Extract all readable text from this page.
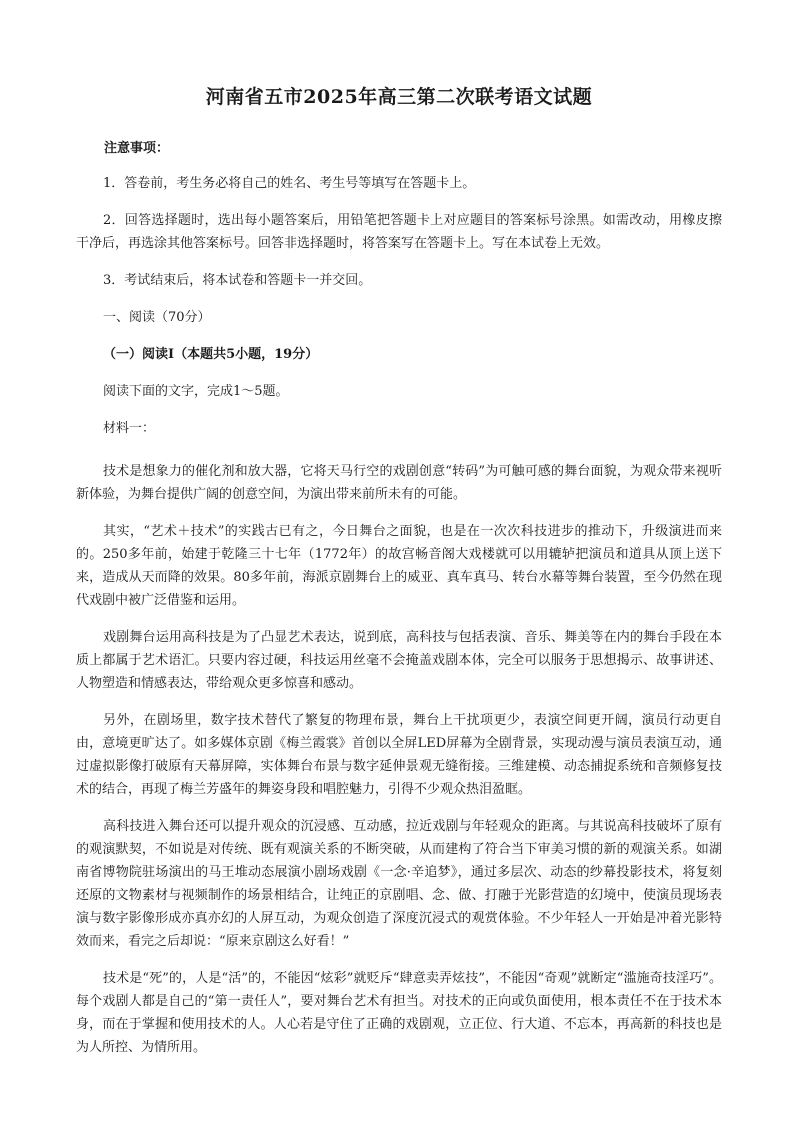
河南省五市2025年高三第二次联考语文试题
注意事项：
1．答卷前，考生务必将自己的姓名、考生号等填写在答题卡上。
2．回答选择题时，选出每小题答案后，用铅笔把答题卡上对应题目的答案标号涂黑。如需改动，用橡皮擦干净后，再选涂其他答案标号。回答非选择题时，将答案写在答题卡上。写在本试卷上无效。
3．考试结束后，将本试卷和答题卡一并交回。
一、阅读（70分）
（一）阅读Ⅰ（本题共5小题，19分）
阅读下面的文字，完成1～5题。
材料一：
技术是想象力的催化剂和放大器，它将天马行空的戏剧创意“转码”为可触可感的舞台面貌，为观众带来视听新体验，为舞台提供广阔的创意空间，为演出带来前所未有的可能。
其实，“艺术＋技术”的实践古已有之，今日舞台之面貌，也是在一次次科技进步的推动下，升级演进而来的。250多年前，始建于乾隆三十七年（1772年）的故宫畅音阁大戏楼就可以用辘轳把演员和道具从顶上送下来，造成从天而降的效果。80多年前，海派京剧舞台上的威亚、真车真马、转台水幕等舞台装置，至今仍然在现代戏剧中被广泛借鉴和运用。
戏剧舞台运用高科技是为了凸显艺术表达，说到底，高科技与包括表演、音乐、舞美等在内的舞台手段在本质上都属于艺术语汇。只要内容过硬，科技运用丝毫不会掩盖戏剧本体，完全可以服务于思想揭示、故事讲述、人物塑造和情感表达，带给观众更多惊喜和感动。
另外，在剧场里，数字技术替代了繁复的物理布景，舞台上干扰项更少，表演空间更开阔，演员行动更自由，意境更旷达了。如多媒体京剧《梅兰霞裳》首创以全屏LED屏幕为全剧背景，实现动漫与演员表演互动，通过虚拟影像打破原有天幕屏障，实体舞台布景与数字延伸景观无缝衔接。三维建模、动态捕捉系统和音频修复技术的结合，再现了梅兰芳盛年的舞姿身段和唱腔魅力，引得不少观众热泪盈眶。
高科技进入舞台还可以提升观众的沉浸感、互动感，拉近戏剧与年轻观众的距离。与其说高科技破坏了原有的观演默契，不如说是对传统、既有观演关系的不断突破，从而建构了符合当下审美习惯的新的观演关系。如湖南省博物院驻场演出的马王堆动态展演小剧场戏剧《一念·辛追梦》，通过多层次、动态的纱幕投影技术，将复刻还原的文物素材与视频制作的场景相结合，让纯正的京剧唱、念、做、打融于光影营造的幻境中，使演员现场表演与数字影像形成亦真亦幻的人屏互动，为观众创造了深度沉浸式的观赏体验。不少年轻人一开始是冲着光影特效而来，看完之后却说：“原来京剧这么好看！”
技术是“死”的，人是“活”的，不能因“炫彩”就贬斥“肆意卖弄炫技”，不能因“奇观”就断定“滥施奇技淫巧”。每个戏剧人都是自己的“第一责任人”，要对舞台艺术有担当。对技术的正向或负面使用，根本责任不在于技术本身，而在于掌握和使用技术的人。人心若是守住了正确的戏剧观，立正位、行大道、不忘本，再高新的科技也是为人所控、为情所用。
